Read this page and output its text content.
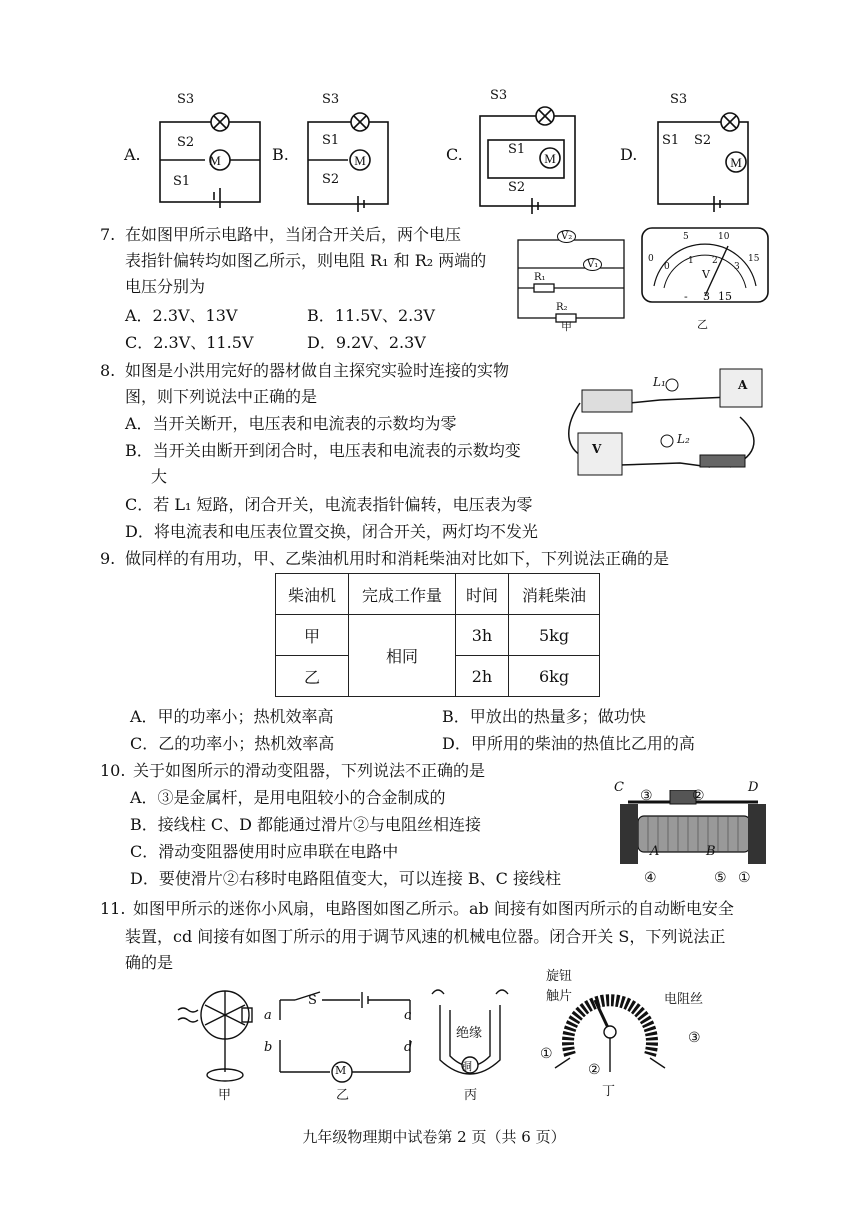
M	M	M	M
A.	B.	C.	D.
S3
S2
S1
S3
S1
S2
S3
S1
S2
S3
S1 S2
7. 在如图甲所示电路中，当闭合开关后，两个电压
表指针偏转均如图乙所示，则电阻 R₁ 和 R₂ 两端的
电压分别为
A．2.3V、13V	B．11.5V、2.3V
C．2.3V、11.5V	D．9.2V、2.3V
V₂
V₁
R₁
R₂
甲
0
5	10
15
0
1 2
3
V
- 3 15
乙
8. 如图是小洪用完好的器材做自主探究实验时连接的实物
图，则下列说法中正确的是
A．当开关断开，电压表和电流表的示数均为零
B．当开关由断开到闭合时，电压表和电流表的示数均变
大
C．若 L₁ 短路，闭合开关，电流表指针偏转，电压表为零
D．将电流表和电压表位置交换，闭合开关，两灯均不发光
L₁
L₂
A
V
9. 做同样的有用功，甲、乙柴油机用时和消耗柴油对比如下，下列说法正确的是
柴油机	完成工作量	时间	消耗柴油
甲	相同	3h	5kg
乙		2h	6kg
A．甲的功率小；热机效率高	B．甲放出的热量多；做功快
C．乙的功率小；热机效率高	D．甲所用的柴油的热值比乙用的高
10. 关于如图所示的滑动变阻器，下列说法不正确的是
A．③是金属杆，是用电阻较小的合金制成的
B．接线柱 C、D 都能通过滑片②与电阻丝相连接
C．滑动变阻器使用时应串联在电路中
D．要使滑片②右移时电路阻值变大，可以连接 B、C 接线柱
C	D
A	B
③	②
④	⑤ ①
11. 如图甲所示的迷你小风扇，电路图如图乙所示。ab 间接有如图丙所示的自动断电安全
装置，cd 间接有如图丁所示的用于调节风速的机械电位器。闭合开关 S，下列说法正
确的是
S
a
b
c
d
M
绝缘
铜
旋钮
触片	电阻丝
①
②
③
甲	乙	丙	丁
九年级物理期中试卷第 2 页（共 6 页）
